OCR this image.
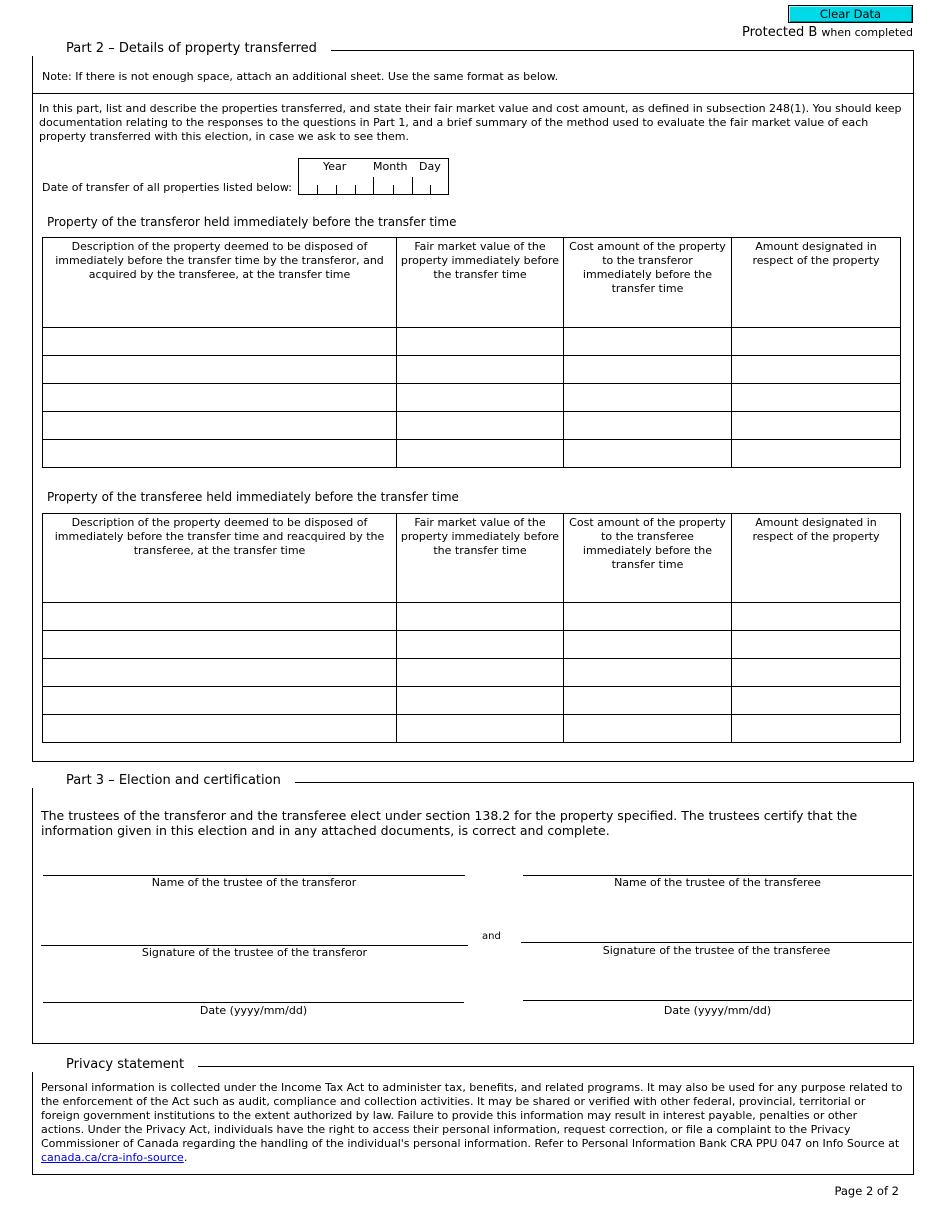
Clear Data
Protected B when completed
Part 2 – Details of property transferred
Note: If there is not enough space, attach an additional sheet. Use the same format as below.
In this part, list and describe the properties transferred, and state their fair market value and cost amount, as defined in subsection 248(1). You should keep documentation relating to the responses to the questions in Part 1, and a brief summary of the method used to evaluate the fair market value of each property transferred with this election, in case we ask to see them.
Date of transfer of all properties listed below:
Year Month Day
Property of the transferor held immediately before the transfer time
Description of the property deemed to be disposed of immediately before the transfer time by the transferor, and acquired by the transferee, at the transfer time	Fair market value of the property immediately before the transfer time	Cost amount of the property to the transferor immediately before the transfer time	Amount designated in respect of the property

Property of the transferee held immediately before the transfer time
Description of the property deemed to be disposed of immediately before the transfer time and reacquired by the transferee, at the transfer time	Fair market value of the property immediately before the transfer time	Cost amount of the property to the transferee immediately before the transfer time	Amount designated in respect of the property

Part 3 – Election and certification
The trustees of the transferor and the transferee elect under section 138.2 for the property specified. The trustees certify that the information given in this election and in any attached documents, is correct and complete.
Name of the trustee of the transferor	Name of the trustee of the transferee
and
Signature of the trustee of the transferor	Signature of the trustee of the transferee
Date (yyyy/mm/dd)	Date (yyyy/mm/dd)
Privacy statement
Personal information is collected under the Income Tax Act to administer tax, benefits, and related programs. It may also be used for any purpose related to the enforcement of the Act such as audit, compliance and collection activities. It may be shared or verified with other federal, provincial, territorial or foreign government institutions to the extent authorized by law. Failure to provide this information may result in interest payable, penalties or other actions. Under the Privacy Act, individuals have the right to access their personal information, request correction, or file a complaint to the Privacy Commissioner of Canada regarding the handling of the individual's personal information. Refer to Personal Information Bank CRA PPU 047 on Info Source at
canada.ca/cra-info-source.
Page 2 of 2
